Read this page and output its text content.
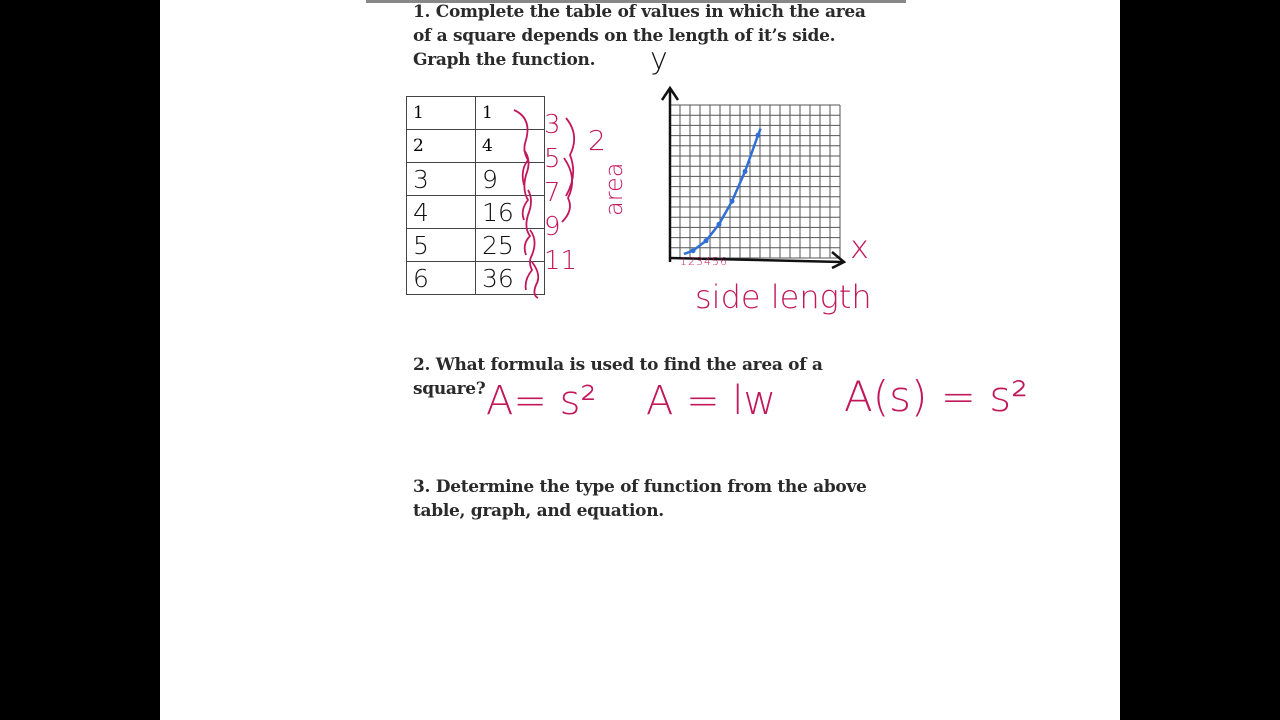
1. Complete the table of values in which the area
of a square depends on the length of it’s side.
Graph the function.
1	1
2	4
3	9
4	16
5	25
6	36
3
5
7
9
11
2
area
123456
side length
y
x
2. What formula is used to find the area of a
square? A= s² A = lw A(s) = s²
3. Determine the type of function from the above
table, graph, and equation.
